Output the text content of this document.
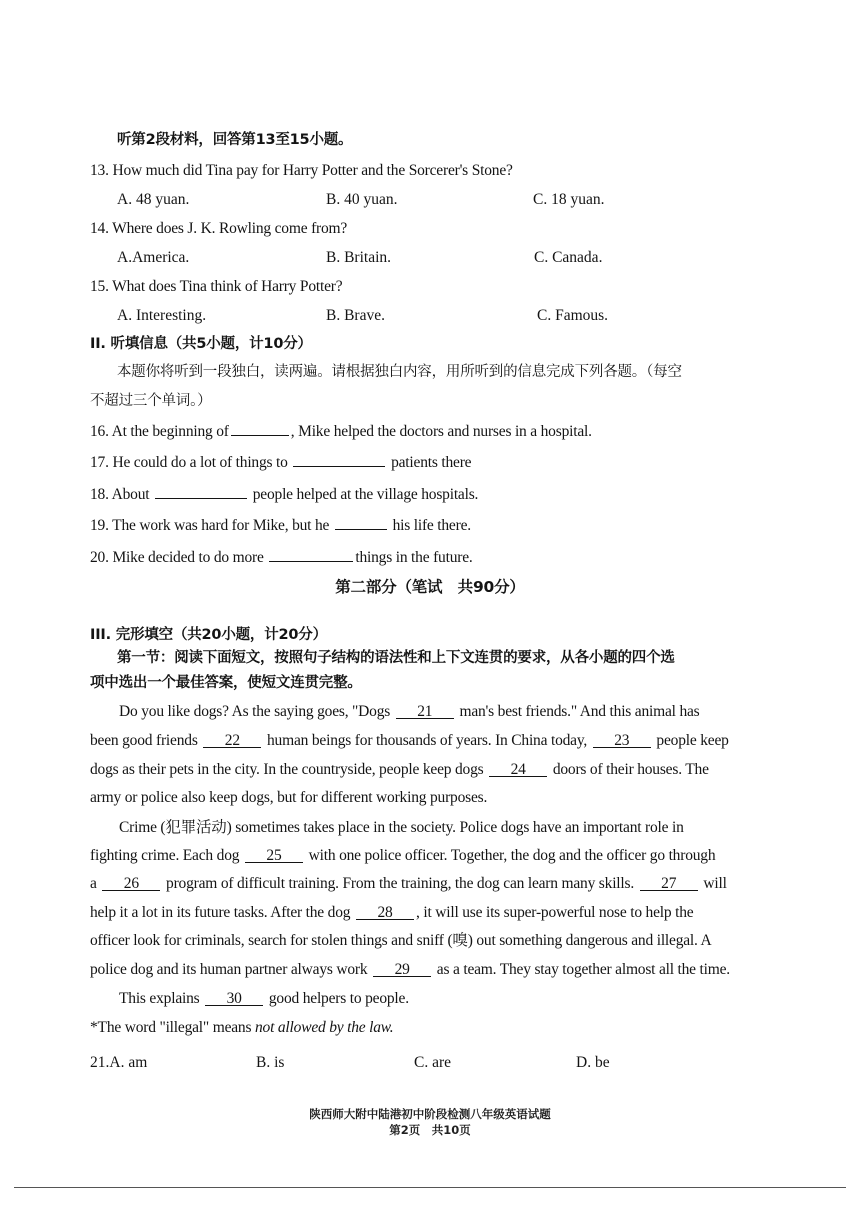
听第2段材料，回答第13至15小题。
13. How much did Tina pay for Harry Potter and the Sorcerer's Stone?
A. 48 yuan.	B. 40 yuan.	C. 18 yuan.
14. Where does J. K. Rowling come from?
A.America.	B. Britain.	C. Canada.
15. What does Tina think of Harry Potter?
A. Interesting.	B. Brave.	C. Famous.
II. 听填信息（共5小题，计10分）
本题你将听到一段独白，读两遍。请根据独白内容，用所听到的信息完成下列各题。（每空
不超过三个单词。）
16. At the beginning of	, Mike helped the doctors and nurses in a hospital.
17. He could do a lot of things to	patients there
18. About	people helped at the village hospitals.
19. The work was hard for Mike, but he	his life there.
20. Mike decided to do more	things in the future.
第二部分（笔试　共90分）
III. 完形填空（共20小题，计20分）
第一节：阅读下面短文，按照句子结构的语法性和上下文连贯的要求，从各小题的四个选
项中选出一个最佳答案，使短文连贯完整。
Do you like dogs? As the saying goes, "Dogs 21 man's best friends." And this animal has
been good friends 22 human beings for thousands of years. In China today, 23 people keep
dogs as their pets in the city. In the countryside, people keep dogs 24 doors of their houses. The
army or police also keep dogs, but for different working purposes.
Crime (犯罪活动) sometimes takes place in the society. Police dogs have an important role in
fighting crime. Each dog 25 with one police officer. Together, the dog and the officer go through
a 26 program of difficult training. From the training, the dog can learn many skills. 27 will
help it a lot in its future tasks. After the dog 28 , it will use its super-powerful nose to help the
officer look for criminals, search for stolen things and sniff (嗅) out something dangerous and illegal. A
police dog and its human partner always work 29 as a team. They stay together almost all the time.
This explains 30 good helpers to people.
*The word "illegal" means not allowed by the law.
21.A. am	B. is	C. are	D. be
陕西师大附中陆港初中阶段检测八年级英语试题
第2页　共10页
